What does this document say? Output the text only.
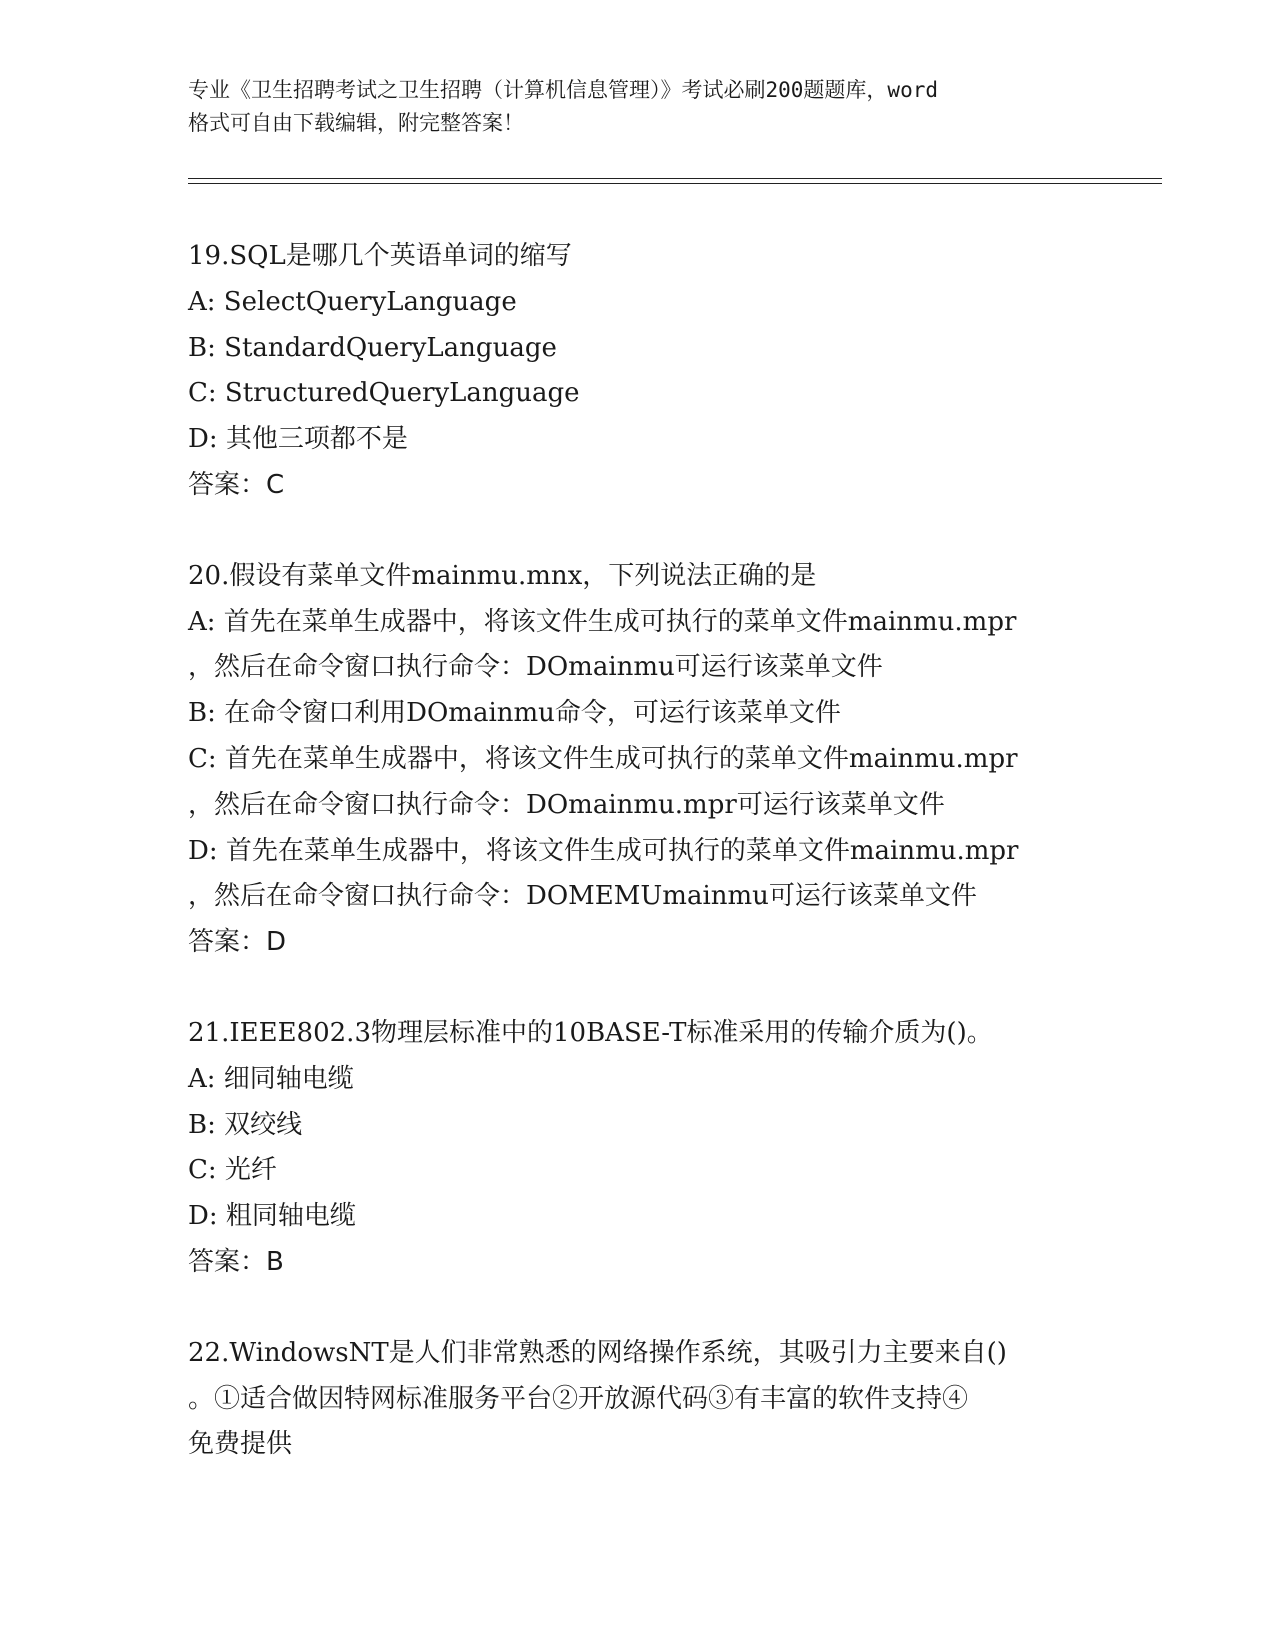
专业《卫生招聘考试之卫生招聘（计算机信息管理）》考试必刷200题题库，word
格式可自由下载编辑，附完整答案！
19.SQL是哪几个英语单词的缩写
A: SelectQueryLanguage
B: StandardQueryLanguage
C: StructuredQueryLanguage
D: 其他三项都不是
答案：C
20.假设有菜单文件mainmu.mnx，下列说法正确的是
A: 首先在菜单生成器中，将该文件生成可执行的菜单文件mainmu.mpr
，然后在命令窗口执行命令：DOmainmu可运行该菜单文件
B: 在命令窗口利用DOmainmu命令，可运行该菜单文件
C: 首先在菜单生成器中，将该文件生成可执行的菜单文件mainmu.mpr
，然后在命令窗口执行命令：DOmainmu.mpr可运行该菜单文件
D: 首先在菜单生成器中，将该文件生成可执行的菜单文件mainmu.mpr
，然后在命令窗口执行命令：DOMEMUmainmu可运行该菜单文件
答案：D
21.IEEE802.3物理层标准中的10BASE-T标准采用的传输介质为()。
A: 细同轴电缆
B: 双绞线
C: 光纤
D: 粗同轴电缆
答案：B
22.WindowsNT是人们非常熟悉的网络操作系统，其吸引力主要来自()
。①适合做因特网标准服务平台②开放源代码③有丰富的软件支持④
免费提供
